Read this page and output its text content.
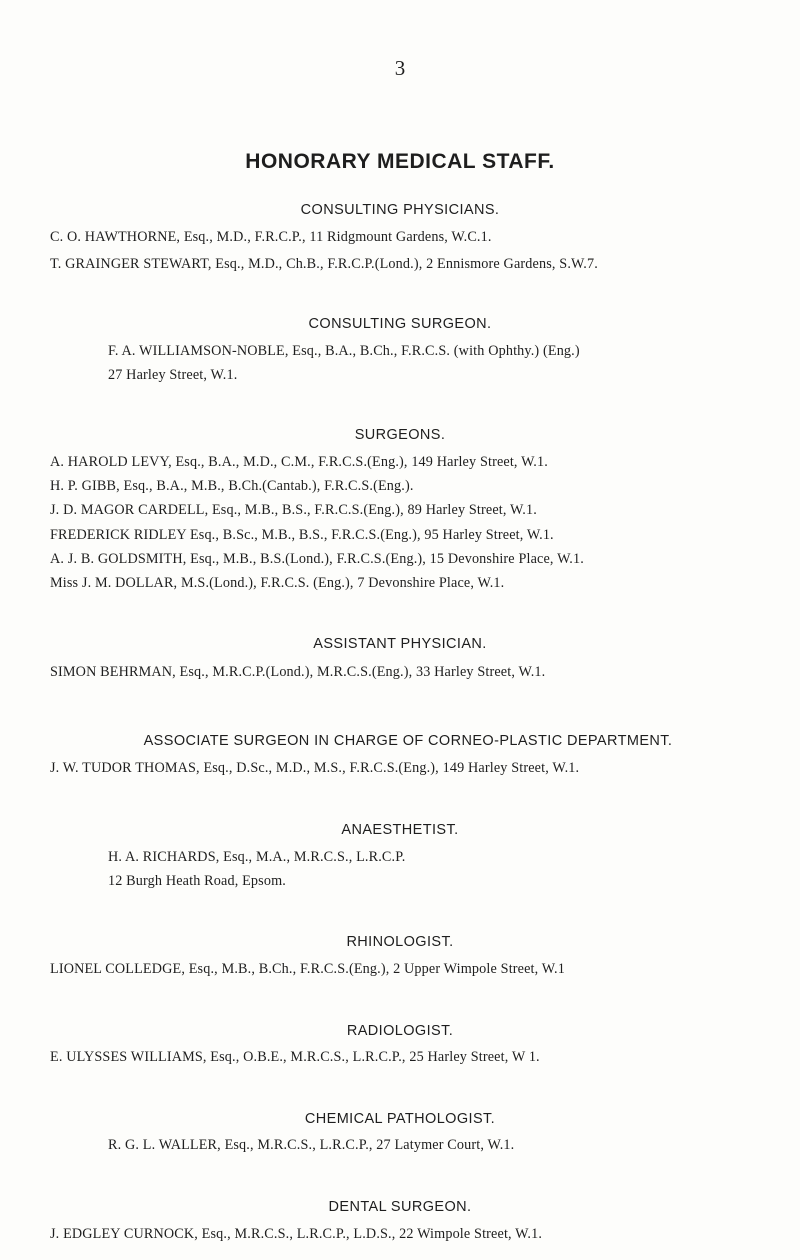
3
HONORARY MEDICAL STAFF.
CONSULTING PHYSICIANS.
C. O. HAWTHORNE, Esq., M.D., F.R.C.P., 11 Ridgmount Gardens, W.C.1.
T. GRAINGER STEWART, Esq., M.D., Ch.B., F.R.C.P.(Lond.), 2 Ennismore Gardens, S.W.7.
CONSULTING SURGEON.
F. A. WILLIAMSON-NOBLE, Esq., B.A., B.Ch., F.R.C.S. (with Ophthy.) (Eng.)
27 Harley Street, W.1.
SURGEONS.
A. HAROLD LEVY, Esq., B.A., M.D., C.M., F.R.C.S.(Eng.), 149 Harley Street, W.1.
H. P. GIBB, Esq., B.A., M.B., B.Ch.(Cantab.), F.R.C.S.(Eng.).
J. D. MAGOR CARDELL, Esq., M.B., B.S., F.R.C.S.(Eng.), 89 Harley Street, W.1.
FREDERICK RIDLEY Esq., B.Sc., M.B., B.S., F.R.C.S.(Eng.), 95 Harley Street, W.1.
A. J. B. GOLDSMITH, Esq., M.B., B.S.(Lond.), F.R.C.S.(Eng.), 15 Devonshire Place, W.1.
Miss J. M. DOLLAR, M.S.(Lond.), F.R.C.S. (Eng.), 7 Devonshire Place, W.1.
ASSISTANT PHYSICIAN.
SIMON BEHRMAN, Esq., M.R.C.P.(Lond.), M.R.C.S.(Eng.), 33 Harley Street, W.1.
ASSOCIATE SURGEON IN CHARGE OF CORNEO-PLASTIC DEPARTMENT.
J. W. TUDOR THOMAS, Esq., D.Sc., M.D., M.S., F.R.C.S.(Eng.), 149 Harley Street, W.1.
ANAESTHETIST.
H. A. RICHARDS, Esq., M.A., M.R.C.S., L.R.C.P.
12 Burgh Heath Road, Epsom.
RHINOLOGIST.
LIONEL COLLEDGE, Esq., M.B., B.Ch., F.R.C.S.(Eng.), 2 Upper Wimpole Street, W.1
RADIOLOGIST.
E. ULYSSES WILLIAMS, Esq., O.B.E., M.R.C.S., L.R.C.P., 25 Harley Street, W 1.
CHEMICAL PATHOLOGIST.
R. G. L. WALLER, Esq., M.R.C.S., L.R.C.P., 27 Latymer Court, W.1.
DENTAL SURGEON.
J. EDGLEY CURNOCK, Esq., M.R.C.S., L.R.C.P., L.D.S., 22 Wimpole Street, W.1.
